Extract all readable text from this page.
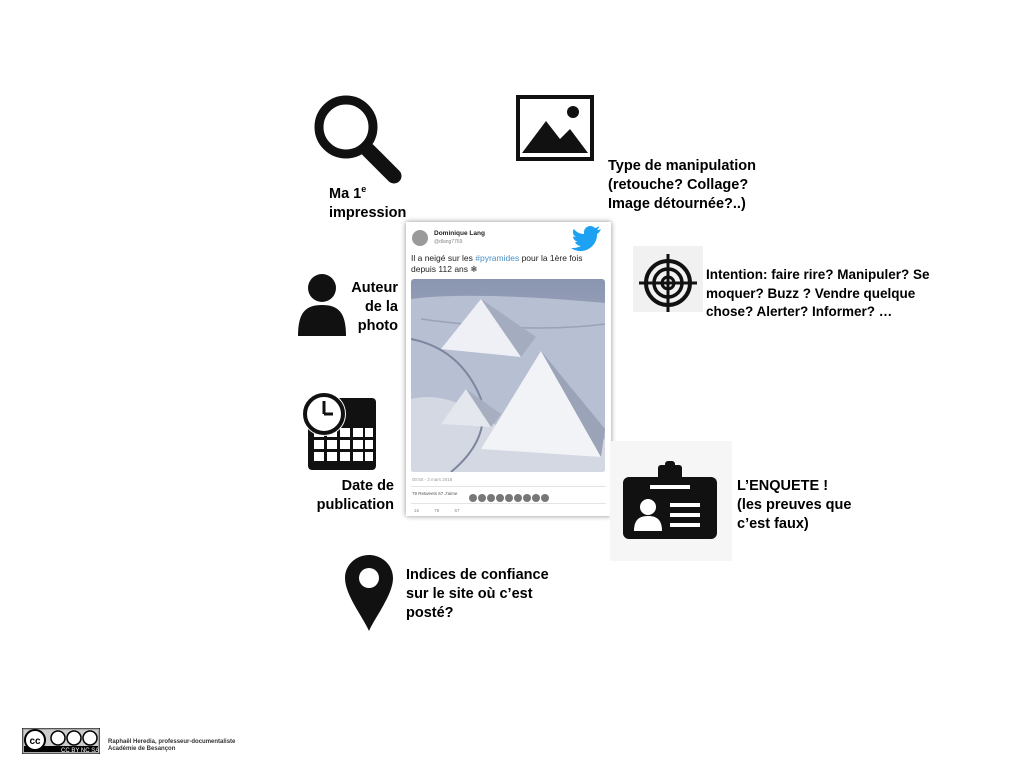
Ma 1e
impression
Type de manipulation
(retouche? Collage?
Image détournée?..)
Auteur
de la
photo
Intention: faire rire? Manipuler? Se
moquer? Buzz ? Vendre quelque
chose? Alerter? Informer? …
Date de
publication
Dominique Lang
@dlang7769
Il a neigé sur les #pyramides pour la 1ère fois depuis 112 ans ❄
00:50 - 3 mars 2018
79 Retweets 67 J'aime
15 79 67
L’ENQUETE !
(les preuves que
c’est faux)
Indices de confiance
sur le site où c’est
posté?
cc
CC BY NC SA
Raphaël Heredia, professeur-documentaliste
Académie de Besançon
